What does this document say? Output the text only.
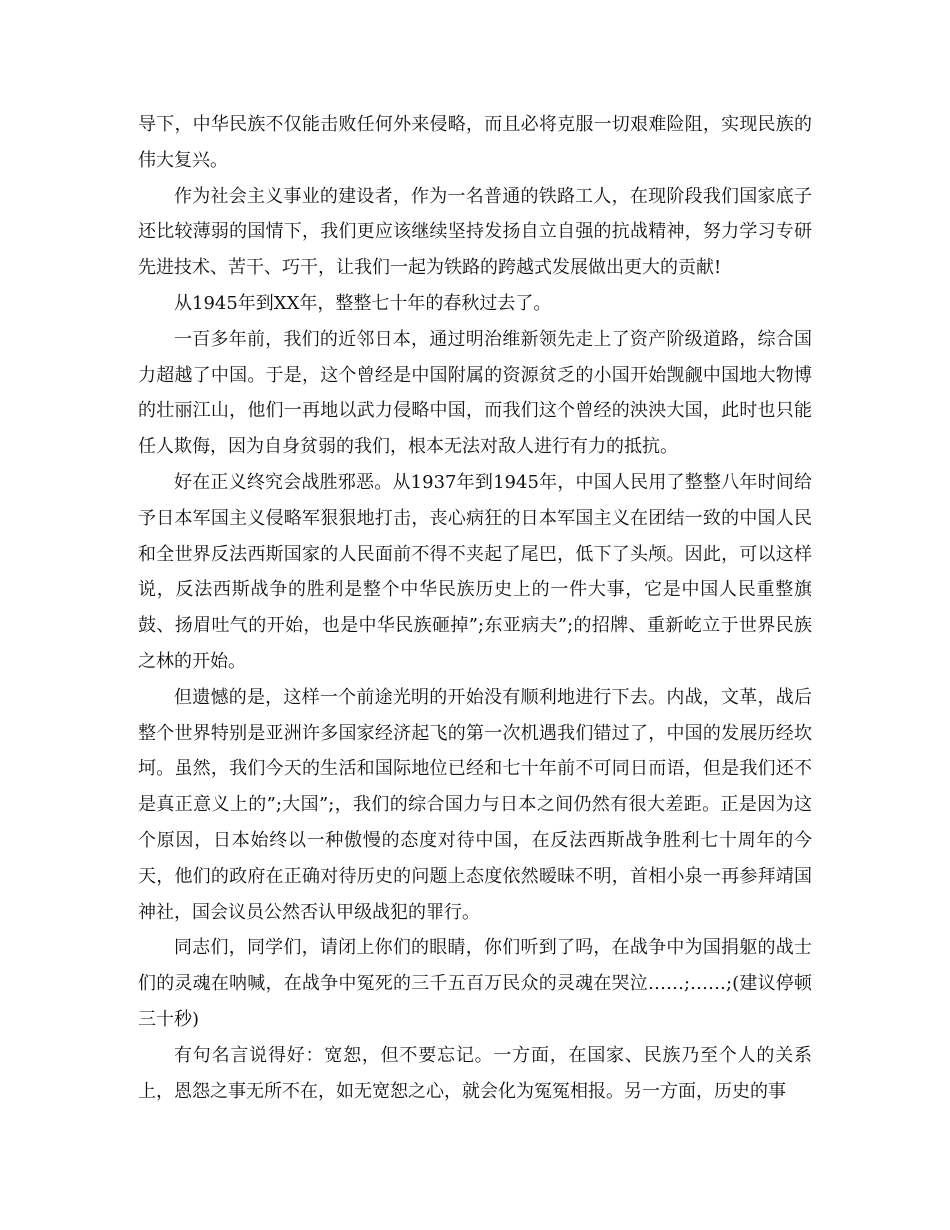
导下，中华民族不仅能击败任何外来侵略，而且必将克服一切艰难险阻，实现民族的伟大复兴。

作为社会主义事业的建设者，作为一名普通的铁路工人，在现阶段我们国家底子还比较薄弱的国情下，我们更应该继续坚持发扬自立自强的抗战精神，努力学习专研先进技术、苦干、巧干，让我们一起为铁路的跨越式发展做出更大的贡献!

从1945年到XX年，整整七十年的春秋过去了。

一百多年前，我们的近邻日本，通过明治维新领先走上了资产阶级道路，综合国力超越了中国。于是，这个曾经是中国附属的资源贫乏的小国开始觊觎中国地大物博的壮丽江山，他们一再地以武力侵略中国，而我们这个曾经的泱泱大国，此时也只能任人欺侮，因为自身贫弱的我们，根本无法对敌人进行有力的抵抗。

好在正义终究会战胜邪恶。从1937年到1945年，中国人民用了整整八年时间给予日本军国主义侵略军狠狠地打击，丧心病狂的日本军国主义在团结一致的中国人民和全世界反法西斯国家的人民面前不得不夹起了尾巴，低下了头颅。因此，可以这样说，反法西斯战争的胜利是整个中华民族历史上的一件大事，它是中国人民重整旗鼓、扬眉吐气的开始，也是中华民族砸掉”;东亚病夫”;的招牌、重新屹立于世界民族之林的开始。

但遗憾的是，这样一个前途光明的开始没有顺利地进行下去。内战，文革，战后整个世界特别是亚洲许多国家经济起飞的第一次机遇我们错过了，中国的发展历经坎坷。虽然，我们今天的生活和国际地位已经和七十年前不可同日而语，但是我们还不是真正意义上的”;大国”;，我们的综合国力与日本之间仍然有很大差距。正是因为这个原因，日本始终以一种傲慢的态度对待中国，在反法西斯战争胜利七十周年的今天，他们的政府在正确对待历史的问题上态度依然暧昧不明，首相小泉一再参拜靖国神社，国会议员公然否认甲级战犯的罪行。

同志们，同学们，请闭上你们的眼睛，你们听到了吗，在战争中为国捐躯的战士们的灵魂在呐喊，在战争中冤死的三千五百万民众的灵魂在哭泣……;……;(建议停顿三十秒)

有句名言说得好：宽恕，但不要忘记。一方面，在国家、民族乃至个人的关系上，恩怨之事无所不在，如无宽恕之心，就会化为冤冤相报。另一方面，历史的事
